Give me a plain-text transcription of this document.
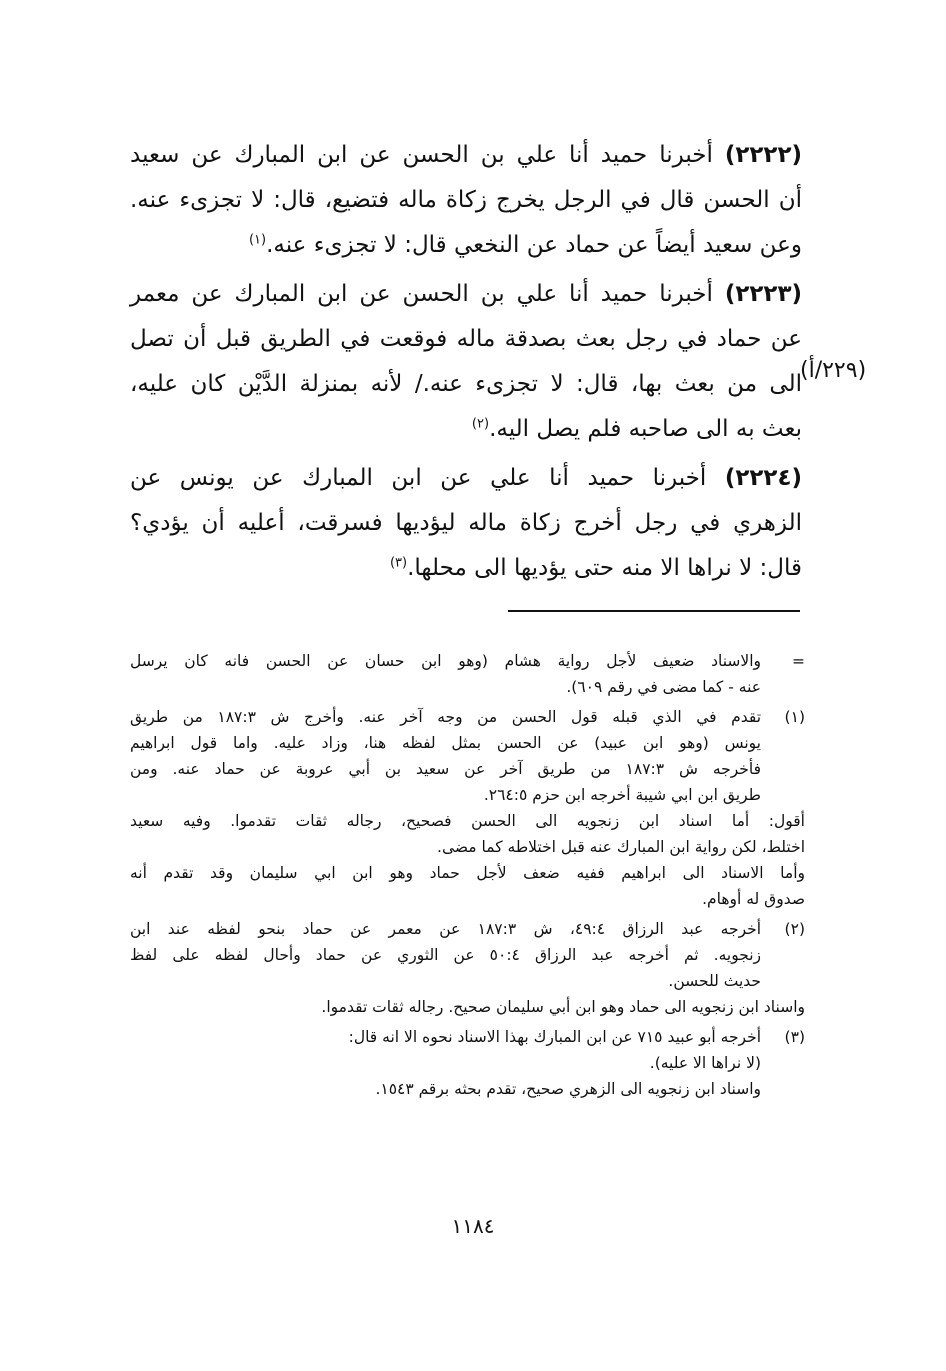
(٢٢٢٢) أخبرنا حميد أنا علي بن الحسن عن ابن المبارك عن سعيد
أن الحسن قال في الرجل يخرج زكاة ماله فتضيع، قال: لا تجزىء عنه.
وعن سعيد أيضاً عن حماد عن النخعي قال: لا تجزىء عنه.$^{(١)}$
(٢٢٢٣) أخبرنا حميد أنا علي بن الحسن عن ابن المبارك عن معمر
عن حماد في رجل بعث بصدقة ماله فوقعت في الطريق قبل أن تصل
الى من بعث بها، قال: لا تجزىء عنه./ لأنه بمنزلة الدَّيْن كان عليه،
بعث به الى صاحبه فلم يصل اليه.$^{(٢)}$
(٢٢٩/أ)
(٢٢٢٤) أخبرنا حميد أنا علي عن ابن المبارك عن يونس عن
الزهري في رجل أخرج زكاة ماله ليؤديها فسرقت، أعليه أن يؤدي؟
قال: لا نراها الا منه حتى يؤديها الى محلها.$^{(٣)}$
=
والاسناد ضعيف لأجل رواية هشام (وهو ابن حسان عن الحسن فانه كان يرسل
عنه - كما مضى في رقم ٦٠٩).
(١)
تقدم في الذي قبله قول الحسن من وجه آخر عنه. وأخرج ش ١٨٧:٣ من طريق
يونس (وهو ابن عبيد) عن الحسن بمثل لفظه هنا، وزاد عليه. واما قول ابراهيم
فأخرجه ش ١٨٧:٣ من طريق آخر عن سعيد بن أبي عروبة عن حماد عنه. ومن
طريق ابن ابي شيبة أخرجه ابن حزم ٢٦٤:٥.
أقول: أما اسناد ابن زنجويه الى الحسن فصحيح، رجاله ثقات تقدموا. وفيه سعيد
اختلط، لكن رواية ابن المبارك عنه قبل اختلاطه كما مضى.
وأما الاسناد الى ابراهيم ففيه ضعف لأجل حماد وهو ابن ابي سليمان وقد تقدم أنه
صدوق له أوهام.
(٢)
أخرجه عبد الرزاق ٤٩:٤، ش ١٨٧:٣ عن معمر عن حماد بنحو لفظه عند ابن
زنجويه. ثم أخرجه عبد الرزاق ٥٠:٤ عن الثوري عن حماد وأحال لفظه على لفظ
حديث للحسن.
واسناد ابن زنجويه الى حماد وهو ابن أبي سليمان صحيح. رجاله ثقات تقدموا.
(٣)
أخرجه أبو عبيد ٧١٥ عن ابن المبارك بهذا الاسناد نحوه الا انه قال:
(لا نراها الا عليه).
واسناد ابن زنجويه الى الزهري صحيح، تقدم بحثه برقم ١٥٤٣.
١١٨٤
